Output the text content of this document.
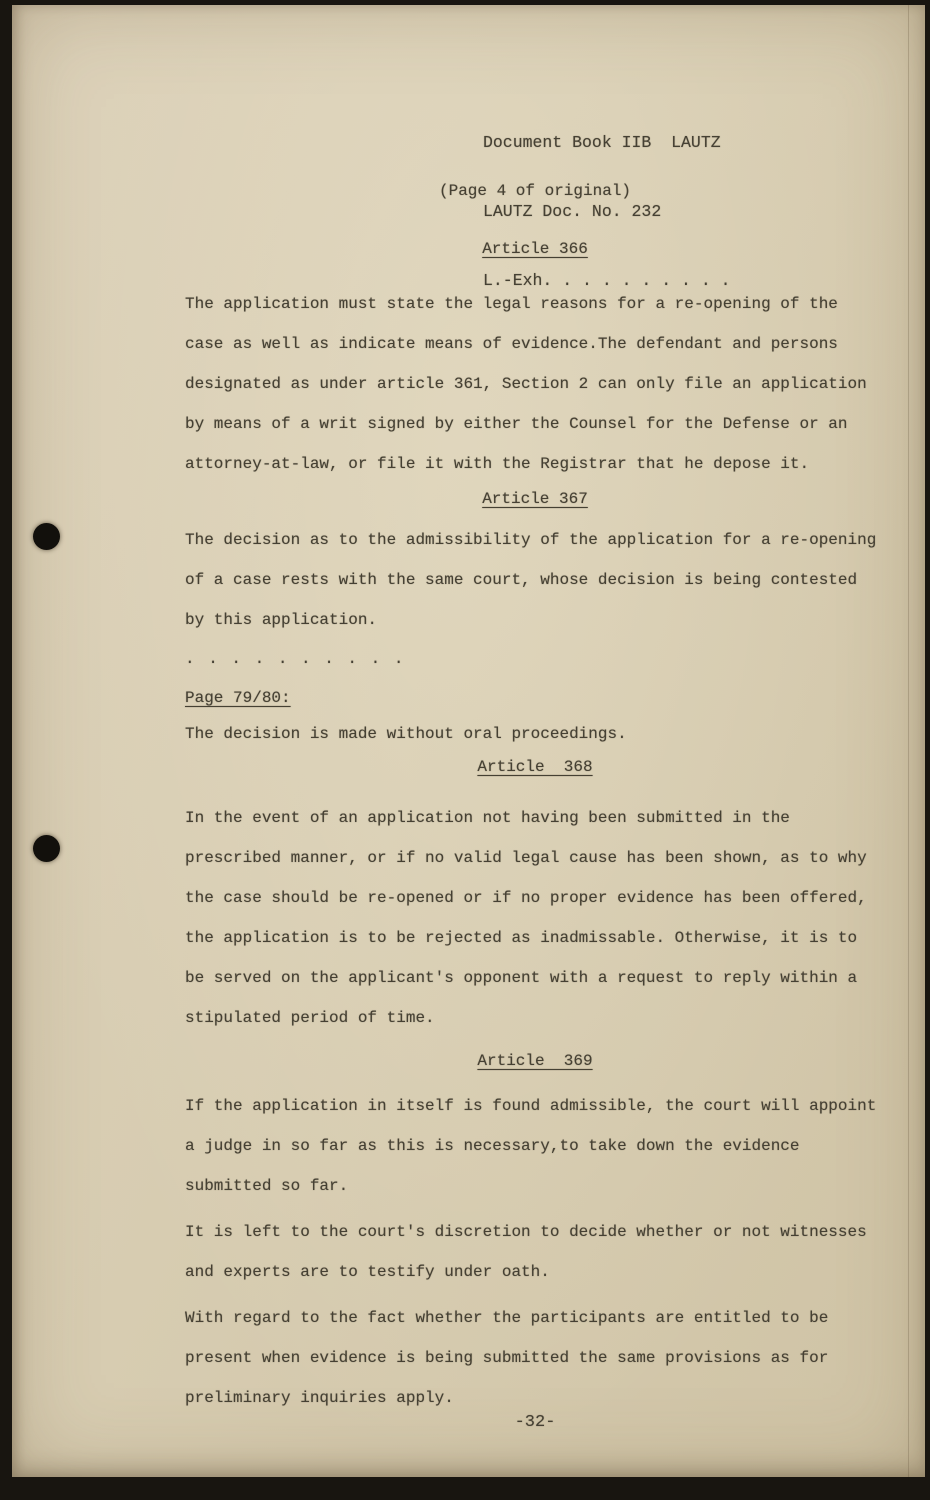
Document Book IIB  LAUTZ

LAUTZ Doc. No. 232

L.-Exh. . . . . . . . . .

(Page 4 of original)
Article 366
The application must state the legal reasons for a re-opening of the case as well as indicate means of evidence.The defendant and persons designated as under article 361, Section 2 can only file an application by means of a writ signed by either the Counsel for the Defense or an attorney-at-law, or file it with the Registrar that he depose it.
Article 367
The decision as to the admissibility of the application for a re-opening of a case rests with the same court, whose decision is being contested by this application.
. . . . . . . . . .
Page 79/80:
The decision is made without oral proceedings.
Article  368
In the event of an application not having been submitted in the prescribed manner, or if no valid legal cause has been shown, as to why the case should be re-opened or if no proper evidence has been offered, the application is to be rejected as inadmissable. Otherwise, it is to be served on the applicant's opponent with a request to reply within a stipulated period of time.
Article  369
If the application in itself is found admissible, the court will appoint a judge in so far as this is necessary,to take down the evidence submitted so far.
It is left to the court's discretion to decide whether or not witnesses and experts are to testify under oath.
With regard to the fact whether the participants are entitled to be present when evidence is being submitted the same provisions as for preliminary inquiries apply.
-32-
